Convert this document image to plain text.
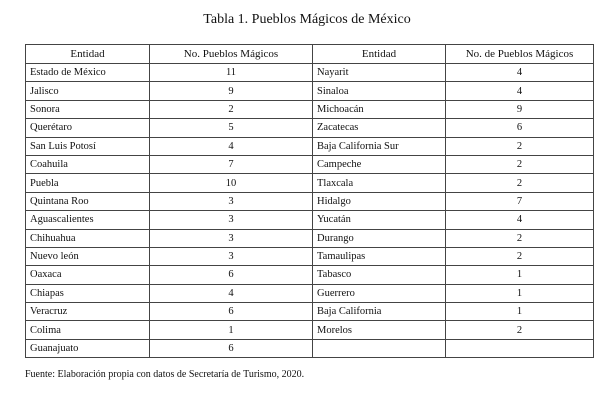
Tabla 1. Pueblos Mágicos de México
Entidad	No. Pueblos Mágicos	Entidad	No. de Pueblos Mágicos
Estado de México	11	Nayarit	4
Jalisco	9	Sinaloa	4
Sonora	2	Michoacán	9
Querétaro	5	Zacatecas	6
San Luis Potosí	4	Baja California Sur	2
Coahuila	7	Campeche	2
Puebla	10	Tlaxcala	2
Quintana Roo	3	Hidalgo	7
Aguascalientes	3	Yucatán	4
Chihuahua	3	Durango	2
Nuevo león	3	Tamaulipas	2
Oaxaca	6	Tabasco	1
Chiapas	4	Guerrero	1
Veracruz	6	Baja California	1
Colima	1	Morelos	2
Guanajuato	6		
Fuente: Elaboración propia con datos de Secretaría de Turismo, 2020.
